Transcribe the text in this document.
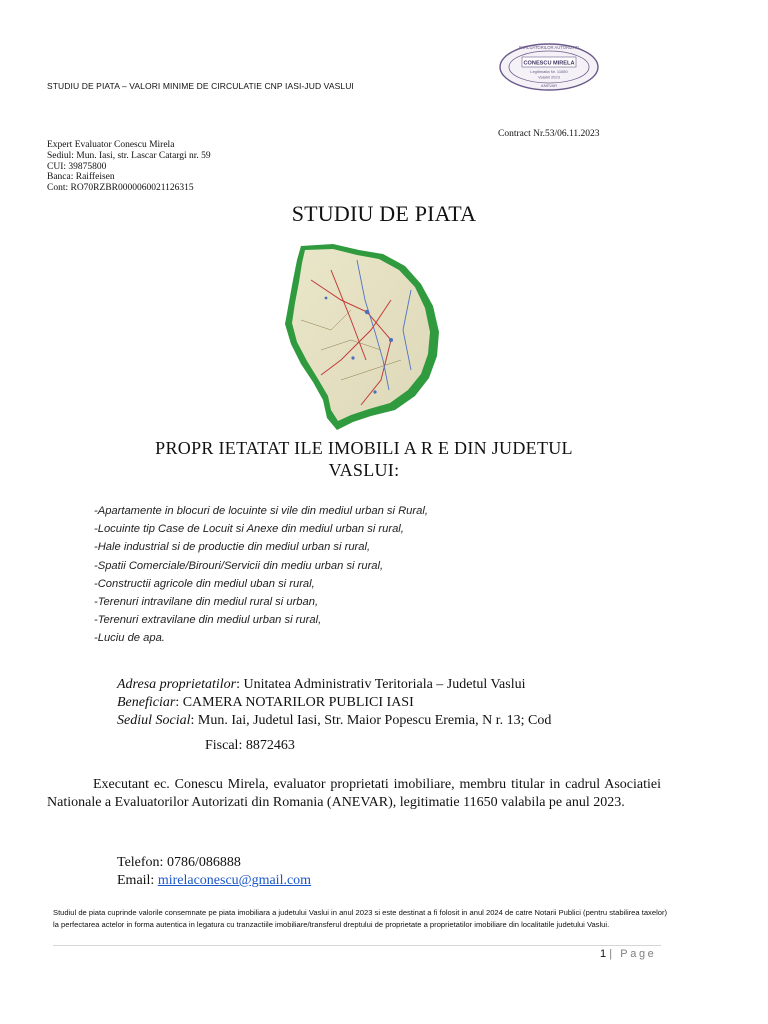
STUDIU DE PIATA – VALORI MINIME DE CIRCULATIE CNP IASI-JUD VASLUI
EVALUATORILOR AUTORIZATI
CONESCU MIRELA
Legitimatia Nr. 11650
Valabil 2023
ANEVAR
Contract Nr.53/06.11.2023
Expert Evaluator Conescu Mirela
Sediul: Mun. Iasi, str. Lascar Catargi nr. 59
CUI: 39875800
Banca: Raiffeisen
Cont: RO70RZBR0000060021126315
STUDIU DE PIATA
PROPR IETATAT ILE IMOBILI A R E DIN JUDETUL
VASLUI:
-Apartamente in blocuri de locuinte si vile din mediul urban si Rural,
-Locuinte tip Case de Locuit si Anexe din mediul urban si rural,
-Hale industrial si de productie din mediul urban si rural,
-Spatii Comerciale/Birouri/Servicii din mediu urban si rural,
-Constructii agricole din mediul uban si rural,
-Terenuri intravilane din mediul rural si urban,
-Terenuri extravilane din mediul urban si rural,
-Luciu de apa.
Adresa proprietatilor: Unitatea Administrativ Teritoriala – Judetul Vaslui
Beneficiar: CAMERA NOTARILOR PUBLICI IASI
Sediul Social: Mun. Iai, Judetul Iasi, Str. Maior Popescu Eremia, N r. 13; Cod
Fiscal: 8872463
Executant ec. Conescu Mirela, evaluator proprietati imobiliare, membru titular in cadrul Asociatiei Nationale a Evaluatorilor Autorizati din Romania (ANEVAR), legitimatie 11650 valabila pe anul 2023.
Telefon: 0786/086888
Email: mirelaconescu@gmail.com
Studiul de piata cuprinde valorile consemnate pe piata imobiliara a judetului Vaslui in anul 2023 si este destinat a fi folosit in anul 2024 de catre Notarii Publici (pentru stabilirea taxelor) la perfectarea actelor in forma autentica in legatura cu tranzactiile imobiliare/transferul dreptului de proprietate a proprietatilor imobiliare din localitatile judetului Vaslui.
1 | Page
